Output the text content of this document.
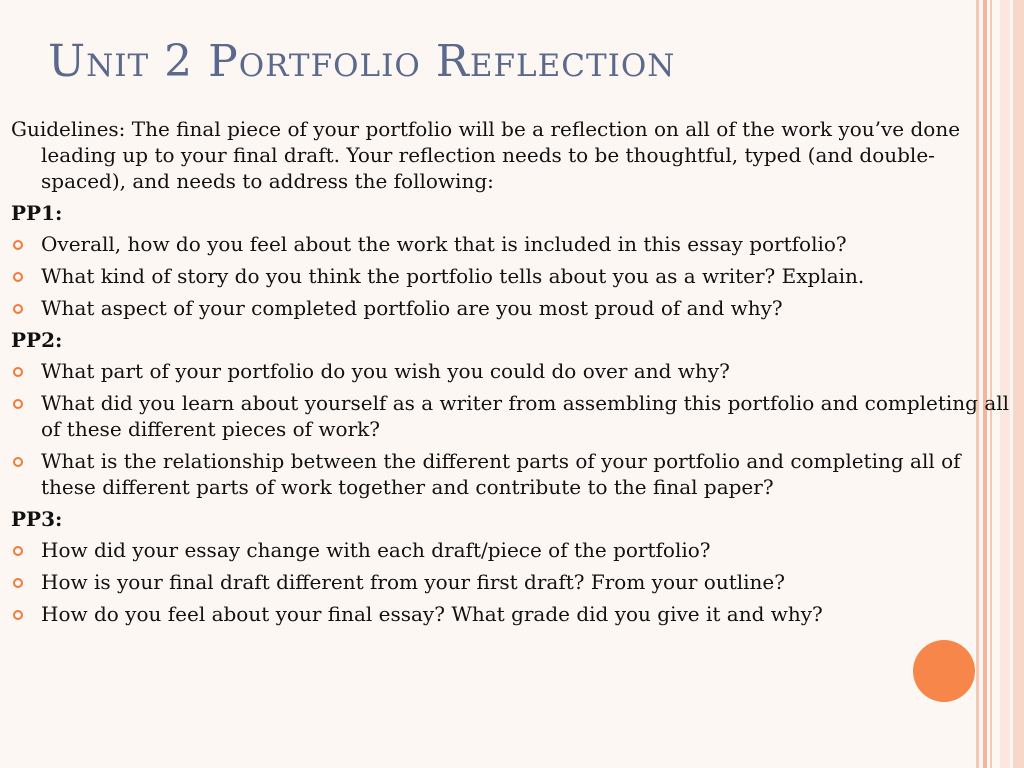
Unit 2 Portfolio Reflection

Guidelines: The final piece of your portfolio will be a reflection on all of the work you’ve done leading up to your final draft. Your reflection needs to be thoughtful, typed (and double-spaced), and needs to address the following:

PP1:

Overall, how do you feel about the work that is included in this essay portfolio?
What kind of story do you think the portfolio tells about you as a writer? Explain.
What aspect of your completed portfolio are you most proud of and why?

PP2:

What part of your portfolio do you wish you could do over and why?
What did you learn about yourself as a writer from assembling this portfolio and completing all of these different pieces of work?
What is the relationship between the different parts of your portfolio and completing all of these different parts of work together and contribute to the final paper?

PP3:

How did your essay change with each draft/piece of the portfolio?
How is your final draft different from your first draft? From your outline?
How do you feel about your final essay? What grade did you give it and why?
